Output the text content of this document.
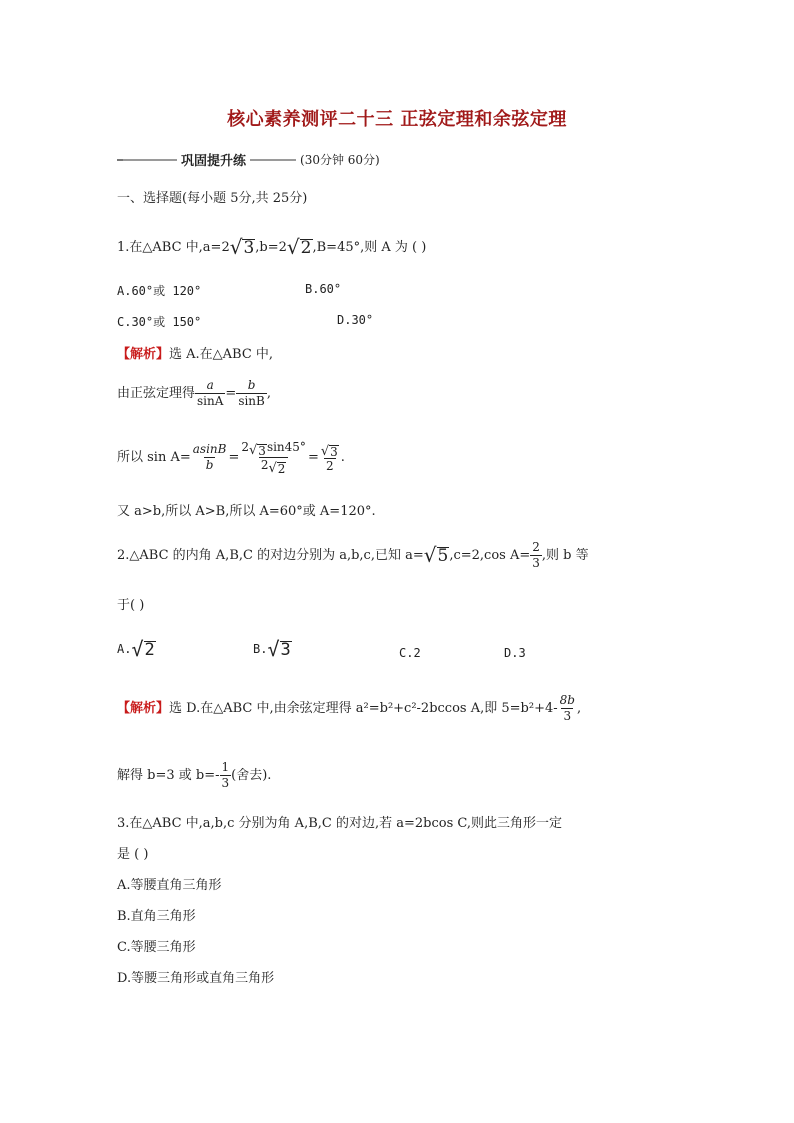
核心素养测评二十三 正弦定理和余弦定理
巩固提升练	(30分钟 60分)
一、选择题(每小题 5分,共 25分)
1.在△ABC 中,a=2 √ 3 ,b=2 √ 2 ,B=45°,则 A 为 ( )
A.60°或 120°	B.60°
C.30°或 150°	D.30°
【解析】选 A.在△ABC 中,
由正弦定理得 $\frac{a}{\sin A} = \frac{b}{\sin B}$ ,
所以 $\sin A= \frac{asinB}{b} = \frac{2 √ 3 \sin 45^\circ}{2 √ 2} = \frac{√ 3}{2}$ .
又 a>b,所以 A>B,所以 A=60°或 A=120°.
2.△ABC 的内角 A,B,C 的对边分别为 a,b,c,已知 a= √ 5 ,c=2,cos $A= \frac{2}{3}$ ,则 b 等
于( )
A. √ 2	B. √ 3	C.2	D.3
【解析】选 D.在△ABC 中,由余弦定理得 a²=b²+c²-2bccos A,即 $5=b^2+4- \frac{8b}{3}$ ,
解得 b=3 或 $b=- \frac{1}{3}$ (舍去).
3.在△ABC 中,a,b,c 分别为角 A,B,C 的对边,若 a=2bcos C,则此三角形一定
是 ( )
A.等腰直角三角形
B.直角三角形
C.等腰三角形
D.等腰三角形或直角三角形
